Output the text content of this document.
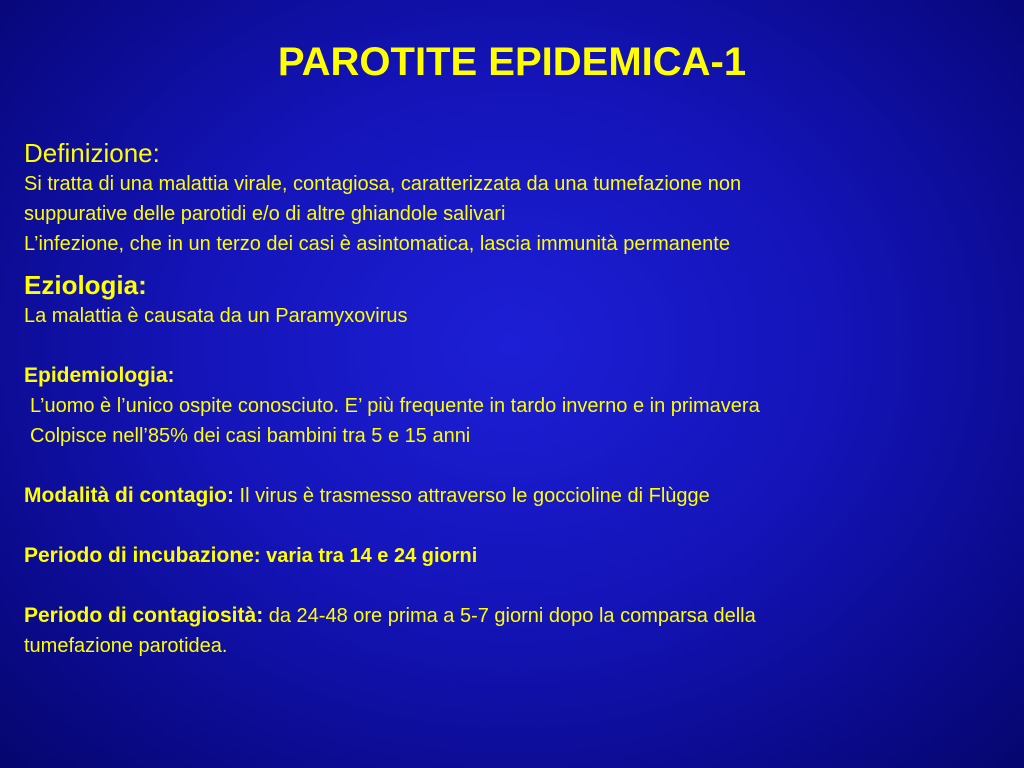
PAROTITE EPIDEMICA-1
Definizione:
Si tratta di una malattia virale, contagiosa, caratterizzata da una tumefazione non
suppurative delle parotidi e/o di altre ghiandole salivari
L’infezione, che in un terzo dei casi è asintomatica, lascia immunità permanente
Eziologia:
La malattia è causata da un Paramyxovirus
Epidemiologia:
L’uomo è l’unico ospite conosciuto. E’ più frequente in tardo inverno e in primavera
Colpisce nell’85% dei casi bambini tra 5 e 15 anni
Modalità di contagio: Il virus è trasmesso attraverso le goccioline di Flùgge
Periodo di incubazione: varia tra 14 e 24 giorni
Periodo di contagiosità: da 24-48 ore prima a 5-7 giorni dopo la comparsa della
tumefazione parotidea.
